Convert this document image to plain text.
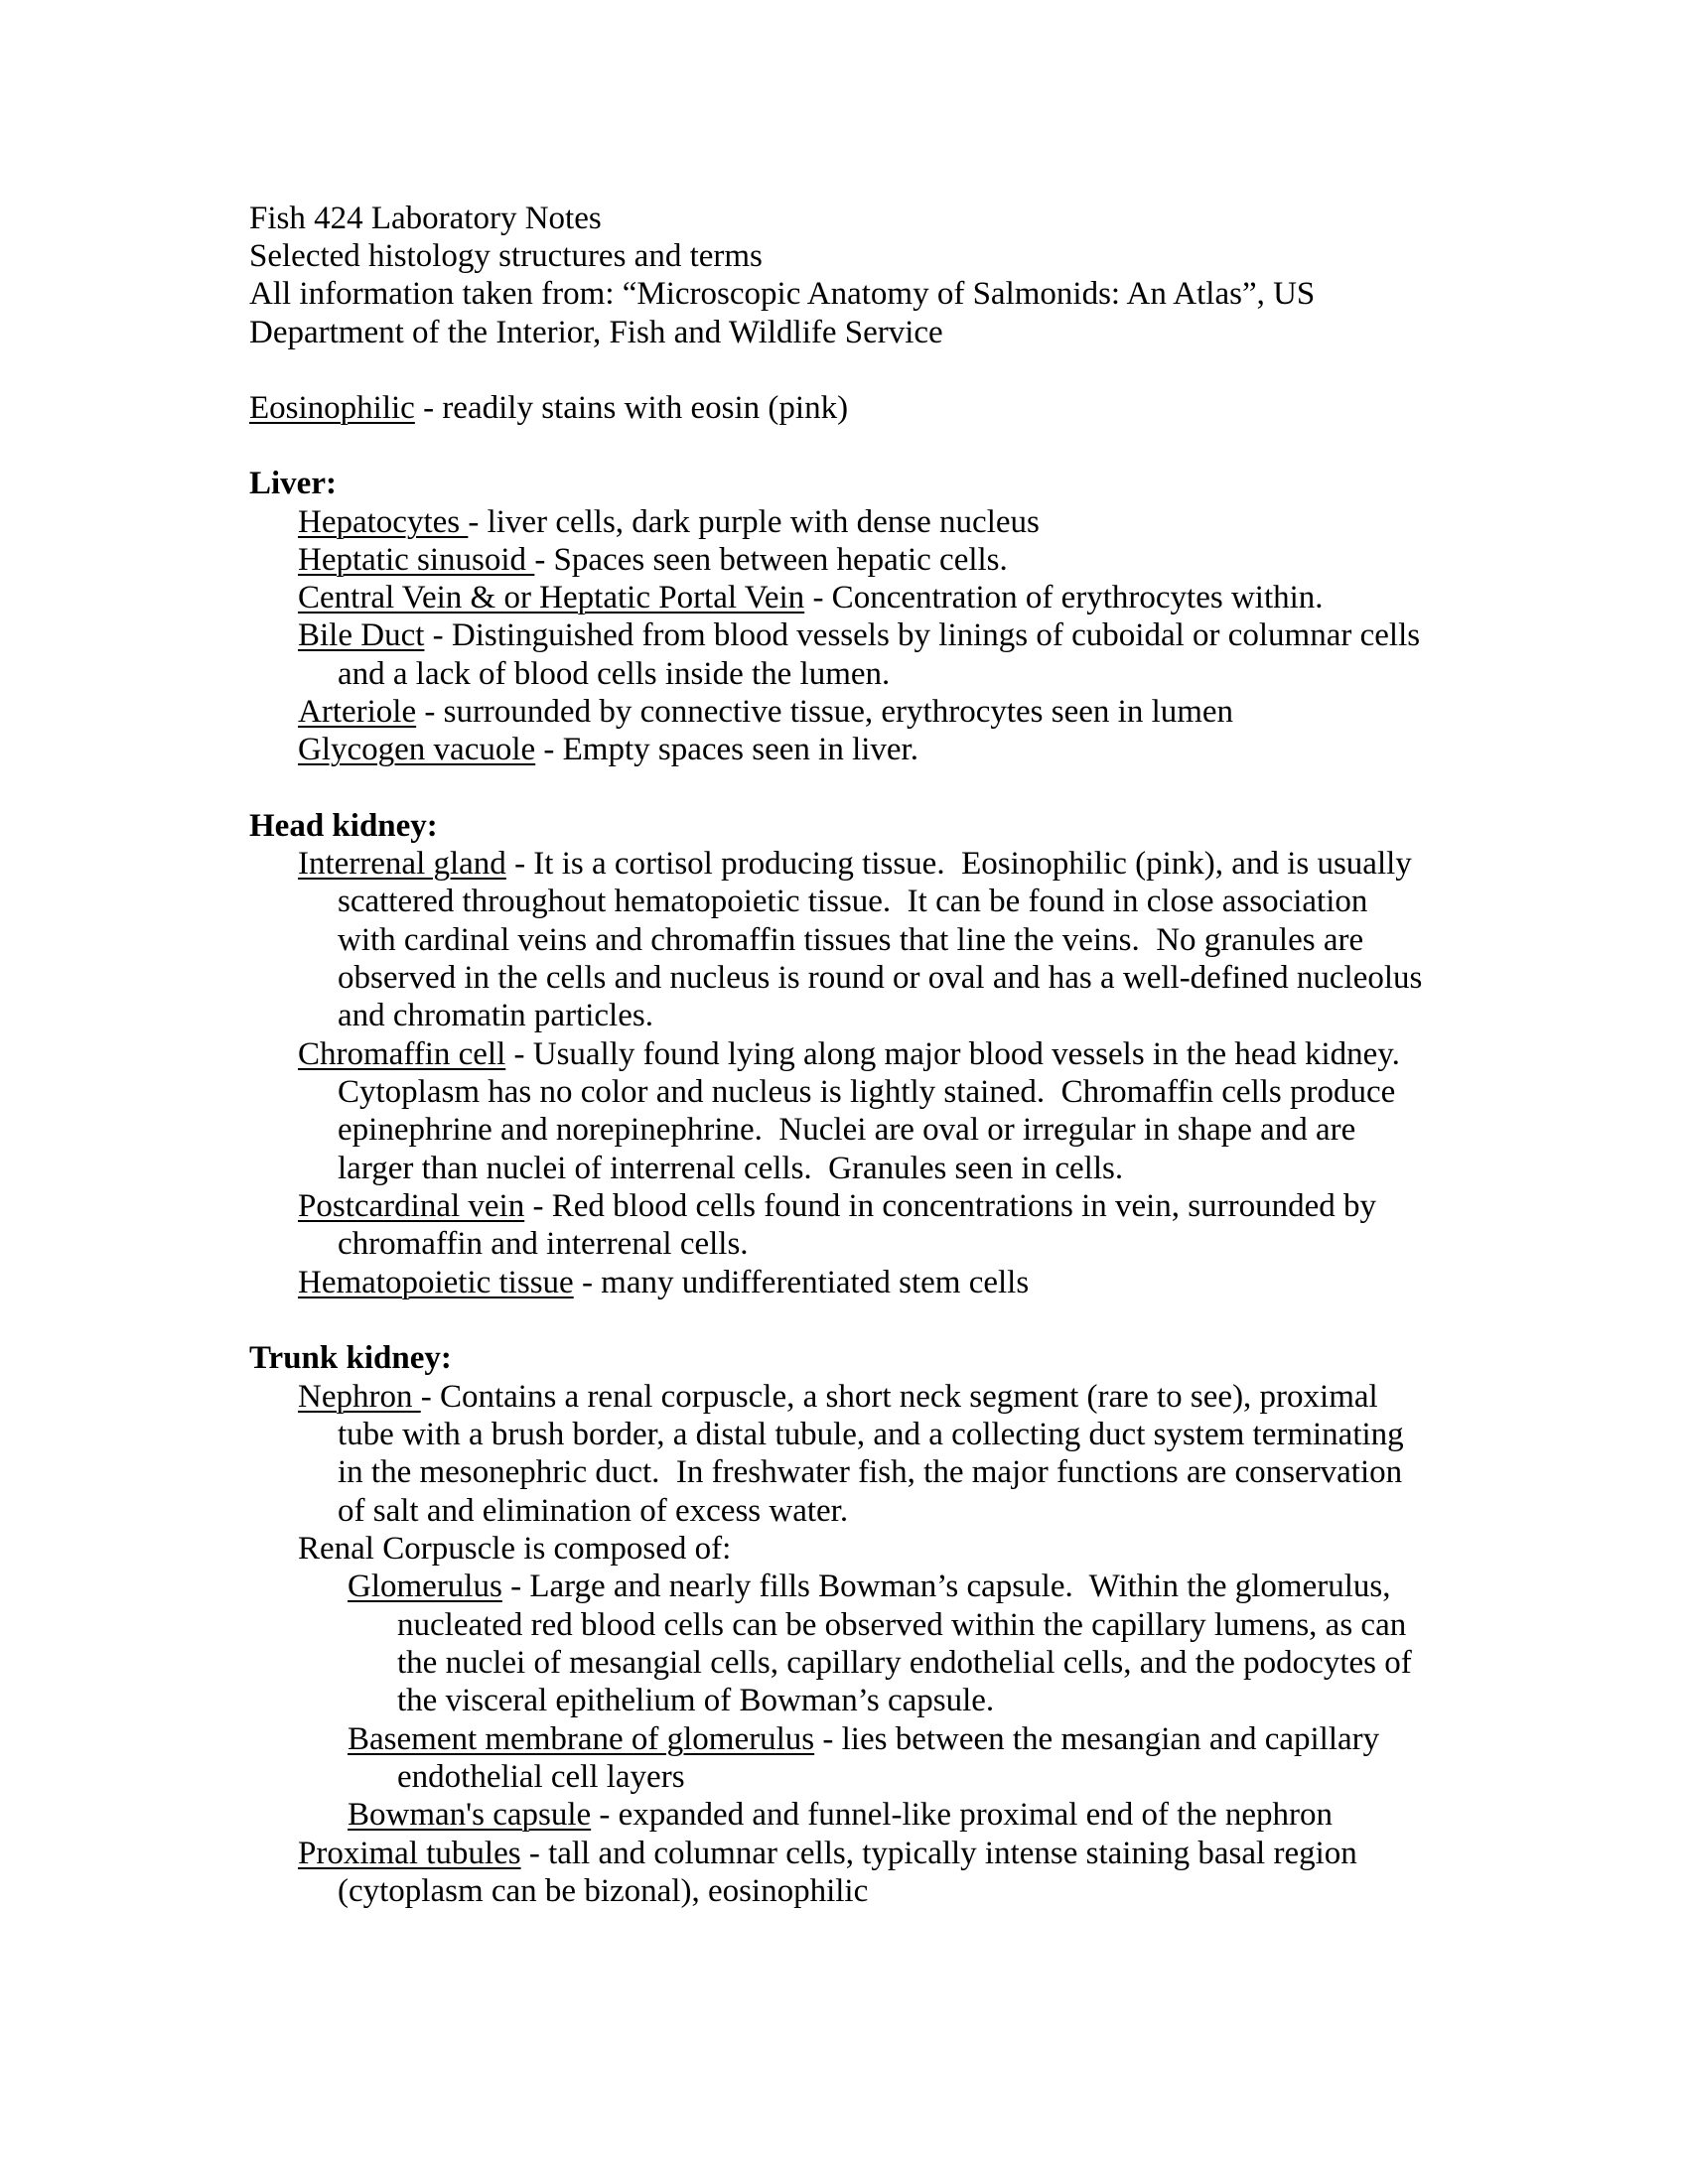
Fish 424 Laboratory Notes
Selected histology structures and terms
All information taken from: “Microscopic Anatomy of Salmonids: An Atlas”, US
Department of the Interior, Fish and Wildlife Service
Eosinophilic - readily stains with eosin (pink)
Liver:
Hepatocytes - liver cells, dark purple with dense nucleus
Heptatic sinusoid - Spaces seen between hepatic cells.
Central Vein & or Heptatic Portal Vein - Concentration of erythrocytes within.
Bile Duct - Distinguished from blood vessels by linings of cuboidal or columnar cells
and a lack of blood cells inside the lumen.
Arteriole - surrounded by connective tissue, erythrocytes seen in lumen
Glycogen vacuole - Empty spaces seen in liver.
Head kidney:
Interrenal gland - It is a cortisol producing tissue.  Eosinophilic (pink), and is usually
scattered throughout hematopoietic tissue.  It can be found in close association
with cardinal veins and chromaffin tissues that line the veins.  No granules are
observed in the cells and nucleus is round or oval and has a well-defined nucleolus
and chromatin particles.
Chromaffin cell - Usually found lying along major blood vessels in the head kidney.
Cytoplasm has no color and nucleus is lightly stained.  Chromaffin cells produce
epinephrine and norepinephrine.  Nuclei are oval or irregular in shape and are
larger than nuclei of interrenal cells.  Granules seen in cells.
Postcardinal vein - Red blood cells found in concentrations in vein, surrounded by
chromaffin and interrenal cells.
Hematopoietic tissue - many undifferentiated stem cells
Trunk kidney:
Nephron - Contains a renal corpuscle, a short neck segment (rare to see), proximal
tube with a brush border, a distal tubule, and a collecting duct system terminating
in the mesonephric duct.  In freshwater fish, the major functions are conservation
of salt and elimination of excess water.
Renal Corpuscle is composed of:
Glomerulus - Large and nearly fills Bowman’s capsule.  Within the glomerulus,
nucleated red blood cells can be observed within the capillary lumens, as can
the nuclei of mesangial cells, capillary endothelial cells, and the podocytes of
the visceral epithelium of Bowman’s capsule.
Basement membrane of glomerulus - lies between the mesangian and capillary
endothelial cell layers
Bowman's capsule - expanded and funnel-like proximal end of the nephron
Proximal tubules - tall and columnar cells, typically intense staining basal region
(cytoplasm can be bizonal), eosinophilic
